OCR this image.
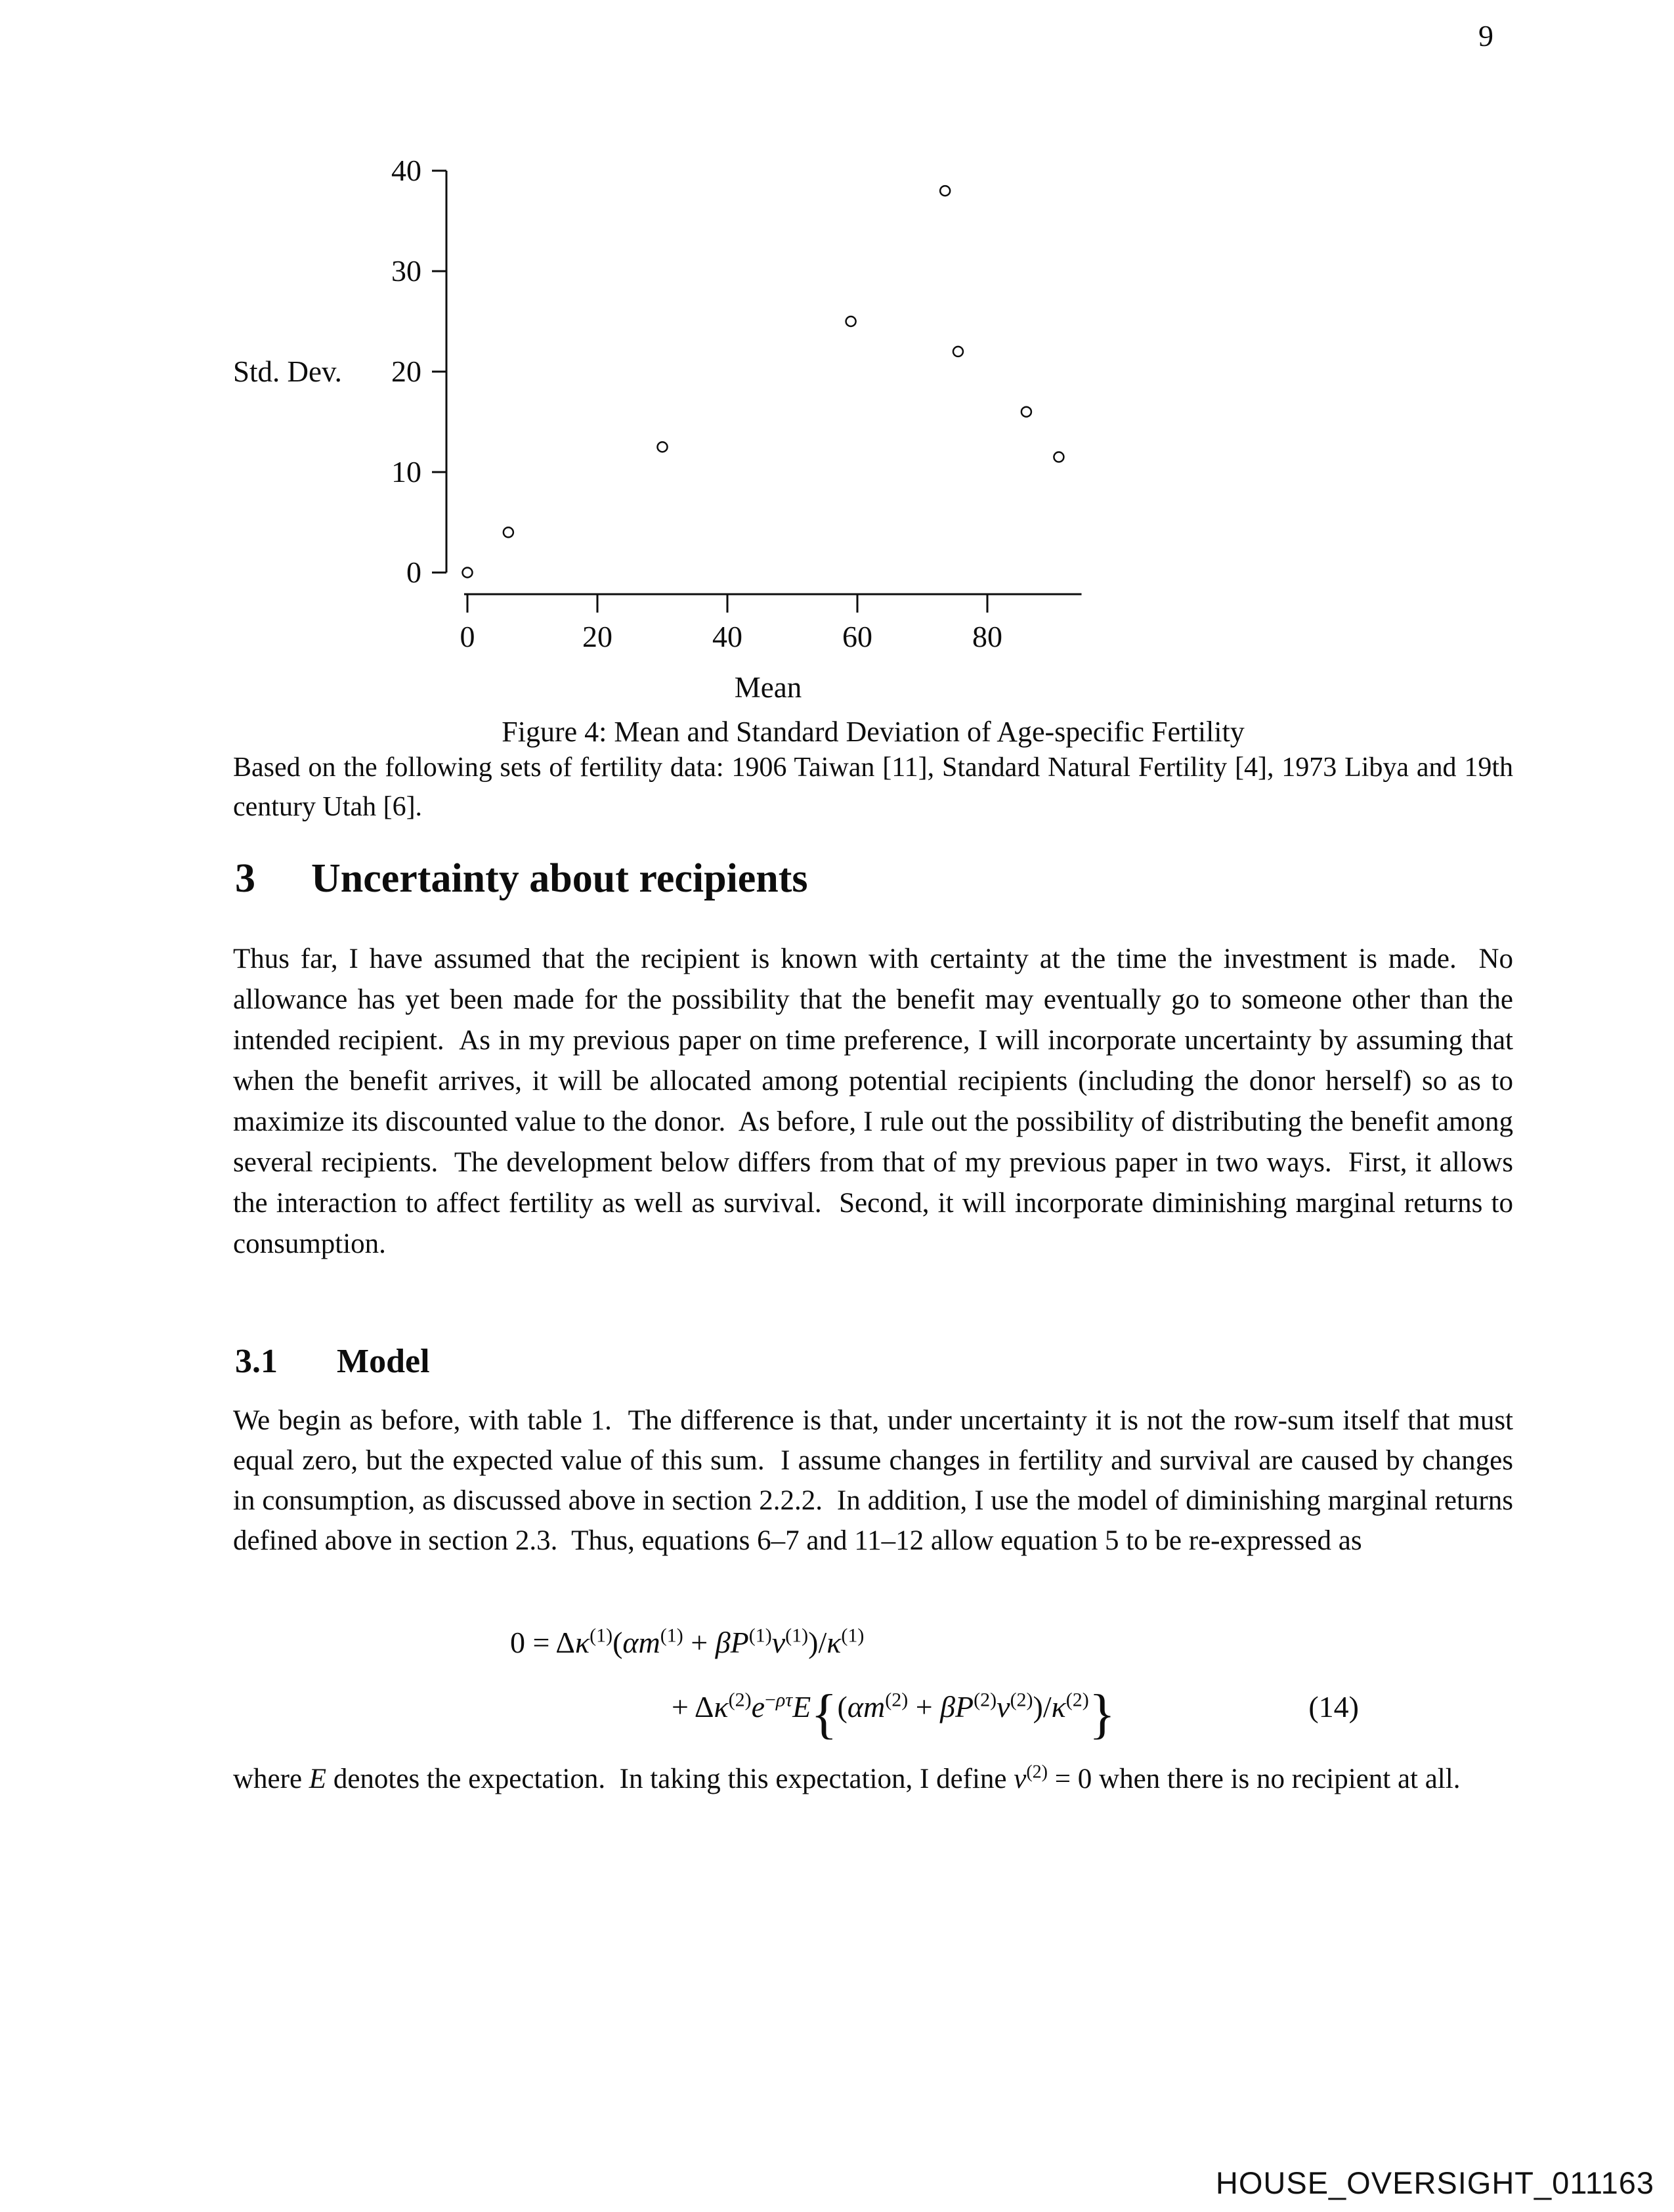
9
0
10
20
30
40
0	20	40	60	80
Std. Dev.
Mean
Figure 4: Mean and Standard Deviation of Age-specific Fertility
Based on the following sets of fertility data: 1906 Taiwan [11], Standard Natural Fertility [4], 1973 Libya and 19th century Utah [6].
3 Uncertainty about recipients

Thus far, I have assumed that the recipient is known with certainty at the time the investment is made.  No allowance has yet been made for the possibility that the benefit may eventually go to someone other than the intended recipient.  As in my previous paper on time preference, I will incorporate uncertainty by assuming that when the benefit arrives, it will be allocated among potential recipients (including the donor herself) so as to maximize its discounted value to the donor.  As before, I rule out the possibility of distributing the benefit among several recipients.  The development below differs from that of my previous paper in two ways.  First, it allows the interaction to affect fertility as well as survival.  Second, it will incorporate diminishing marginal returns to consumption.

3.1 Model

We begin as before, with table 1.  The difference is that, under uncertainty it is not the row-sum itself that must equal zero, but the expected value of this sum.  I assume changes in fertility and survival are caused by changes in consumption, as discussed above in section 2.2.2.  In addition, I use the model of diminishing marginal returns defined above in section 2.3.  Thus, equations 6–7 and 11–12 allow equation 5 to be re-expressed as

$0 = \Delta\kappa^{(1)}(\alpha m^{(1)} + \beta P^{(1)}v^{(1)})/\kappa^{(1)}$
+ $\Delta\kappa^{(2)}e^{-\rho\tau}E\{(\alpha m^{(2)} + \beta P^{(2)}v^{(2)})/\kappa^{(2)}\}$	(14)

where E denotes the expectation.  In taking this expectation, I define $v^{(2)} = 0$ when there is no recipient at all.

HOUSE_OVERSIGHT_011163
